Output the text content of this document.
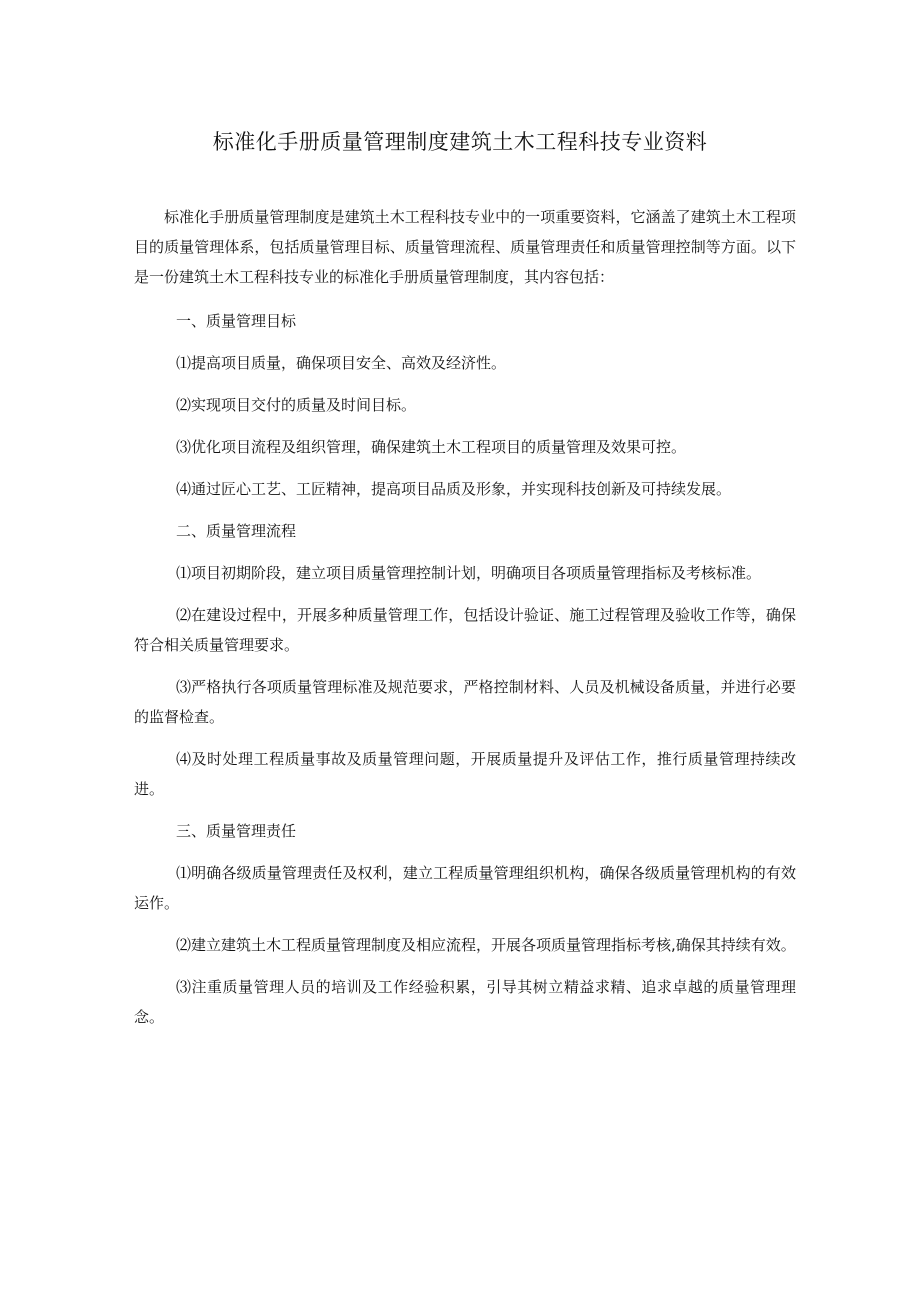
标准化手册质量管理制度建筑土木工程科技专业资料

标准化手册质量管理制度是建筑土木工程科技专业中的一项重要资料，它涵盖了建筑土木工程项目的质量管理体系，包括质量管理目标、质量管理流程、质量管理责任和质量管理控制等方面。以下是一份建筑土木工程科技专业的标准化手册质量管理制度，其内容包括：

一、质量管理目标

⑴提高项目质量，确保项目安全、高效及经济性。

⑵实现项目交付的质量及时间目标。

⑶优化项目流程及组织管理，确保建筑土木工程项目的质量管理及效果可控。

⑷通过匠心工艺、工匠精神，提高项目品质及形象，并实现科技创新及可持续发展。

二、质量管理流程

⑴项目初期阶段，建立项目质量管理控制计划，明确项目各项质量管理指标及考核标准。

⑵在建设过程中，开展多种质量管理工作，包括设计验证、施工过程管理及验收工作等，确保符合相关质量管理要求。

⑶严格执行各项质量管理标准及规范要求，严格控制材料、人员及机械设备质量，并进行必要的监督检查。

⑷及时处理工程质量事故及质量管理问题，开展质量提升及评估工作，推行质量管理持续改进。

三、质量管理责任

⑴明确各级质量管理责任及权利，建立工程质量管理组织机构，确保各级质量管理机构的有效运作。

⑵建立建筑土木工程质量管理制度及相应流程，开展各项质量管理指标考核,确保其持续有效。

⑶注重质量管理人员的培训及工作经验积累，引导其树立精益求精、追求卓越的质量管理理念。
